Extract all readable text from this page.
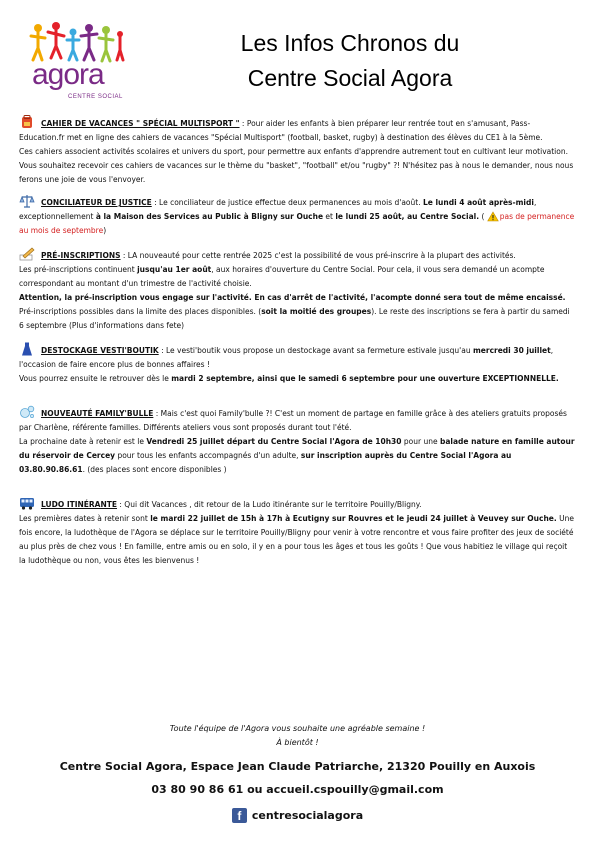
agora
CENTRE SOCIAL
Les Infos Chronos du
Centre Social Agora
CAHIER DE VACANCES " SPÉCIAL MULTISPORT " : Pour aider les enfants à bien préparer leur rentrée tout en s'amusant, Pass-Education.fr met en ligne des cahiers de vacances "Spécial Multisport" (football, basket, rugby) à destination des élèves du CE1 à la 5ème.
Ces cahiers associent activités scolaires et univers du sport, pour permettre aux enfants d'apprendre autrement tout en cultivant leur motivation.
Vous souhaitez recevoir ces cahiers de vacances sur le thème du "basket", "football" et/ou "rugby" ?! N'hésitez pas à nous le demander, nous nous ferons une joie de vous l'envoyer.
CONCILIATEUR DE JUSTICE : Le conciliateur de justice effectue deux permanences au mois d'août. Le lundi 4 août après-midi, exceptionnellement à la Maison des Services au Public à Bligny sur Ouche et le lundi 25 août, au Centre Social. (
pas de permanence au mois de septembre)
PRÉ-INSCRIPTIONS : LA nouveauté pour cette rentrée 2025 c'est la possibilité de vous pré-inscrire à la plupart des activités.
Les pré-inscriptions continuent jusqu'au 1er août, aux horaires d'ouverture du Centre Social. Pour cela, il vous sera demandé un acompte correspondant au montant d'un trimestre de l'activité choisie.
Attention, la pré-inscription vous engage sur l'activité. En cas d'arrêt de l'activité, l'acompte donné sera tout de même encaissé.
Pré-inscriptions possibles dans la limite des places disponibles. (soit la moitié des groupes). Le reste des inscriptions se fera à partir du samedi 6 septembre (Plus d'informations dans fete)
DESTOCKAGE VESTI'BOUTIK : Le vesti'boutik vous propose un destockage avant sa fermeture estivale jusqu'au mercredi 30 juillet, l'occasion de faire encore plus de bonnes affaires !
Vous pourrez ensuite le retrouver dès le mardi 2 septembre, ainsi que le samedi 6 septembre pour une ouverture EXCEPTIONNELLE.
NOUVEAUTÉ FAMILY'BULLE : Mais c'est quoi Family'bulle ?! C'est un moment de partage en famille grâce à des ateliers gratuits proposés par Charlène, référente familles. Différents ateliers vous sont proposés durant tout l'été.
La prochaine date à retenir est le Vendredi 25 juillet départ du Centre Social l'Agora de 10h30 pour une balade nature en famille autour du réservoir de Cercey pour tous les enfants accompagnés d'un adulte, sur inscription auprès du Centre Social l'Agora au 03.80.90.86.61. (des places sont encore disponibles )
LUDO ITINÉRANTE : Qui dit Vacances , dit retour de la Ludo itinérante sur le territoire Pouilly/Bligny.
Les premières dates à retenir sont le mardi 22 juillet de 15h à 17h à Ecutigny sur Rouvres et le jeudi 24 juillet à Veuvey sur Ouche. Une fois encore, la ludothèque de l'Agora se déplace sur le territoire Pouilly/Bligny pour venir à votre rencontre et vous faire profiter des jeux de société au plus près de chez vous ! En famille, entre amis ou en solo, il y en a pour tous les âges et tous les goûts ! Que vous habitiez le village qui reçoit la ludothèque ou non, vous êtes les bienvenus !
Toute l'équipe de l'Agora vous souhaite une agréable semaine !
À bientôt !
Centre Social Agora, Espace Jean Claude Patriarche, 21320 Pouilly en Auxois
03 80 90 86 61 ou accueil.cspouilly@gmail.com
f centresocialagora
